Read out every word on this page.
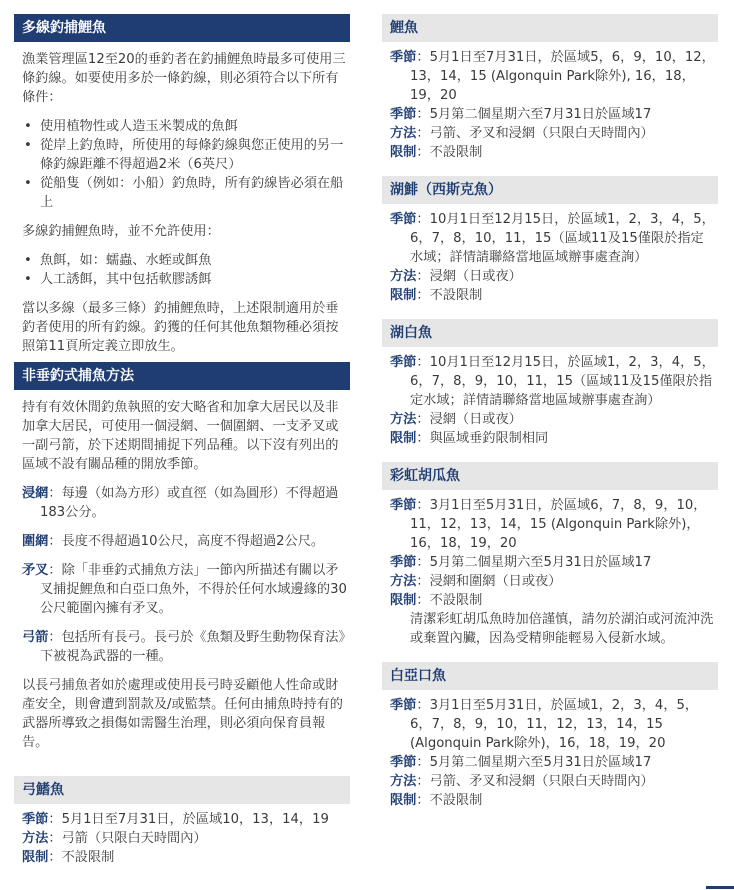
多線釣捕鯉魚

漁業管理區12至20的垂釣者在釣捕鯉魚時最多可使用三條釣線。如要使用多於一條釣線，則必須符合以下所有條件：

• 使用植物性或人造玉米製成的魚餌
• 從岸上釣魚時，所使用的每條釣線與您正使用的另一條釣線距離不得超過2米（6英尺）
• 從船隻（例如：小船）釣魚時，所有釣線皆必須在船上

多線釣捕鯉魚時，並不允許使用：

• 魚餌，如：蠕蟲、水蛭或餌魚
• 人工誘餌，其中包括軟膠誘餌

當以多線（最多三條）釣捕鯉魚時，上述限制適用於垂釣者使用的所有釣線。釣獲的任何其他魚類物種必須按照第11頁所定義立即放生。

非垂釣式捕魚方法

持有有效休閒釣魚執照的安大略省和加拿大居民以及非加拿大居民，可使用一個浸網、一個圍網、一支矛叉或一副弓箭，於下述期間捕捉下列品種。以下沒有列出的區域不設有關品種的開放季節。

浸網：每邊（如為方形）或直徑（如為圓形）不得超過183公分。
圍網：長度不得超過10公尺，高度不得超過2公尺。
矛叉：除「非垂釣式捕魚方法」一節內所描述有關以矛叉捕捉鯉魚和白亞口魚外，不得於任何水域邊緣的30公尺範圍內擁有矛叉。
弓箭：包括所有長弓。長弓於《魚類及野生動物保育法》下被視為武器的一種。

以長弓捕魚者如於處理或使用長弓時妥顧他人性命或財產安全，則會遭到罰款及/或監禁。任何由捕魚時持有的武器所導致之損傷如需醫生治理，則必須向保育員報告。

弓鰭魚
季節：5月1日至7月31日，於區域10，13，14，19
方法：弓箭（只限白天時間內）
限制：不設限制
鯉魚
季節：5月1日至7月31日，於區域5，6，9，10，12，13，14，15 (Algonquin Park除外), 16，18，19，20
季節：5月第二個星期六至7月31日於區域17
方法：弓箭、矛叉和浸網（只限白天時間內）
限制：不設限制
湖鯡（西斯克魚）
季節：10月1日至12月15日，於區域1，2，3，4，5，6，7，8，10，11，15（區域11及15僅限於指定水域；詳情請聯絡當地區域辦事處查詢）
方法：浸網（日或夜）
限制：不設限制
湖白魚
季節：10月1日至12月15日，於區域1，2，3，4，5，6，7，8，9，10，11，15（區域11及15僅限於指定水域；詳情請聯絡當地區域辦事處查詢）
方法：浸網（日或夜）
限制：與區域垂釣限制相同
彩虹胡瓜魚
季節：3月1日至5月31日，於區域6，7，8，9，10，11，12，13，14，15 (Algonquin Park除外)，16，18，19，20
季節：5月第二個星期六至5月31日於區域17
方法：浸網和圍網（日或夜）
限制：不設限制
清潔彩虹胡瓜魚時加倍謹慎，請勿於湖泊或河流沖洗或棄置內臟，因為受精卵能輕易入侵新水域。
白亞口魚
季節：3月1日至5月31日，於區域1，2，3，4，5，6，7，8，9，10，11，12，13，14，15 (Algonquin Park除外)，16，18，19，20
季節：5月第二個星期六至5月31日於區域17
方法：弓箭、矛叉和浸網（只限白天時間內）
限制：不設限制
